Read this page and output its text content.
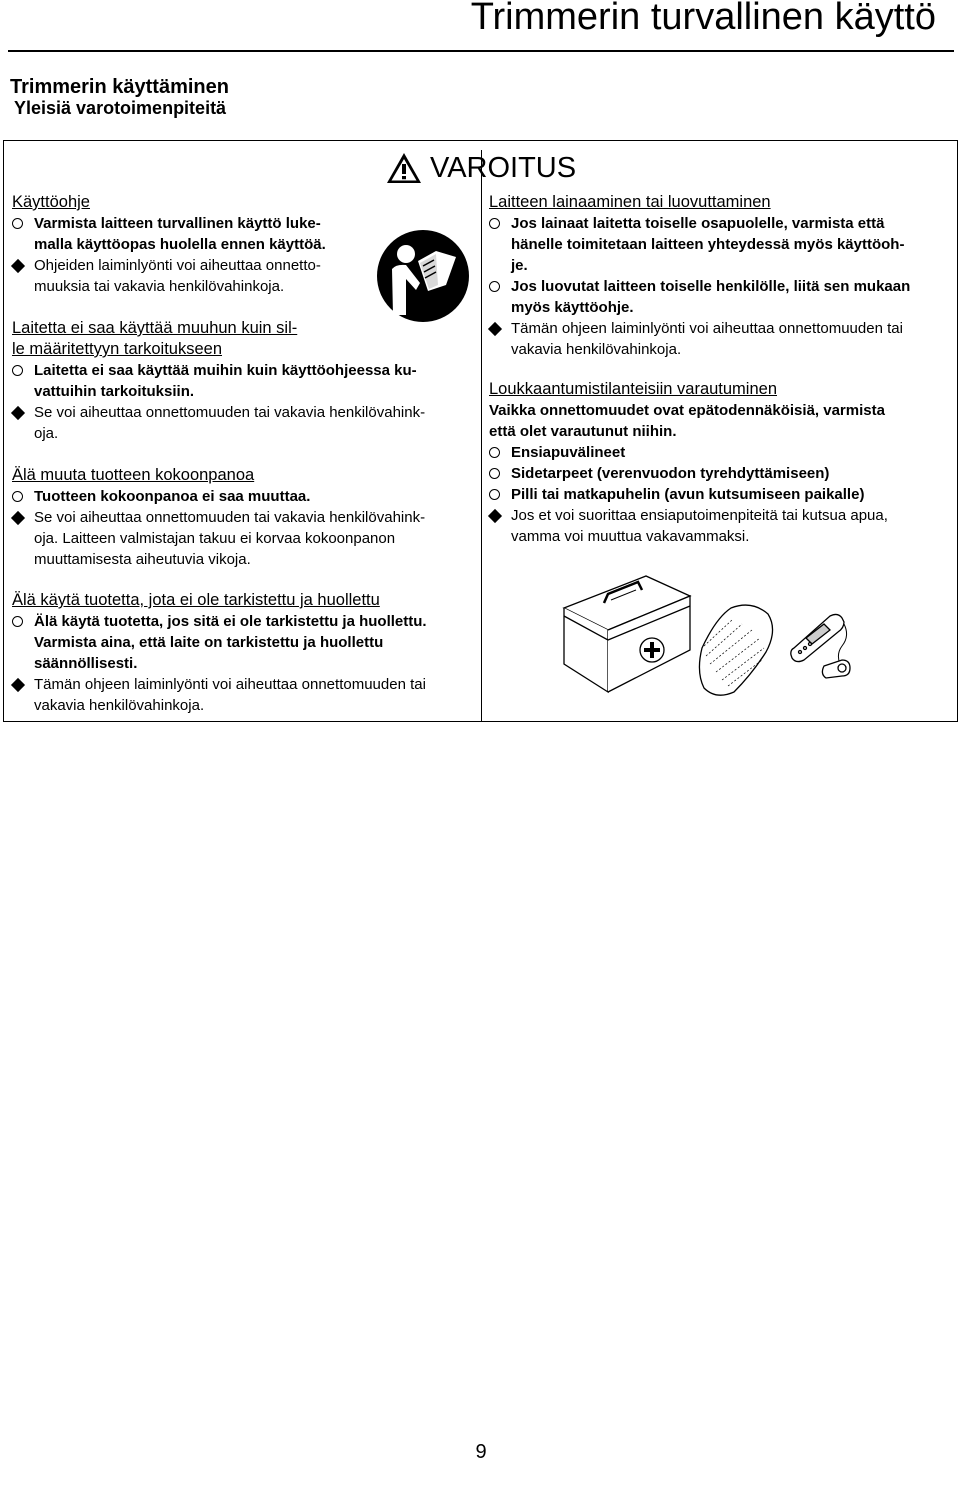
Trimmerin turvallinen käyttö
Trimmerin käyttäminen
Yleisiä varotoimenpiteitä
VAROITUS

Käyttöohje

Varmista laitteen turvallinen käyttö luke-
malla käyttöopas huolella ennen käyttöä.
Ohjeiden laiminlyönti voi aiheuttaa onnetto-
muuksia tai vakavia henkilövahinkoja.

Laitetta ei saa käyttää muuhun kuin sil-
le määritettyyn tarkoitukseen

Laitetta ei saa käyttää muihin kuin käyttöohjeessa ku-
vattuihin tarkoituksiin.
Se voi aiheuttaa onnettomuuden tai vakavia henkilövahink-
oja.

Älä muuta tuotteen kokoonpanoa

Tuotteen kokoonpanoa ei saa muuttaa.
Se voi aiheuttaa onnettomuuden tai vakavia henkilövahink-
oja. Laitteen valmistajan takuu ei korvaa kokoonpanon
muuttamisesta aiheutuvia vikoja.

Älä käytä tuotetta, jota ei ole tarkistettu ja huollettu

Älä käytä tuotetta, jos sitä ei ole tarkistettu ja huollettu.
Varmista aina, että laite on tarkistettu ja huollettu
säännöllisesti.
Tämän ohjeen laiminlyönti voi aiheuttaa onnettomuuden tai
vakavia henkilövahinkoja.

Laitteen lainaaminen tai luovuttaminen

Jos lainaat laitetta toiselle osapuolelle, varmista että
hänelle toimitetaan laitteen yhteydessä myös käyttöoh-
je.
Jos luovutat laitteen toiselle henkilölle, liitä sen mukaan
myös käyttöohje.
Tämän ohjeen laiminlyönti voi aiheuttaa onnettomuuden tai
vakavia henkilövahinkoja.

Loukkaantumistilanteisiin varautuminen

Vaikka onnettomuudet ovat epätodennäköisiä, varmista
että olet varautunut niihin.

Ensiapuvälineet
Sidetarpeet (verenvuodon tyrehdyttämiseen)
Pilli tai matkapuhelin (avun kutsumiseen paikalle)
Jos et voi suorittaa ensiaputoimenpiteitä tai kutsua apua,
vamma voi muuttua vakavammaksi.
9
